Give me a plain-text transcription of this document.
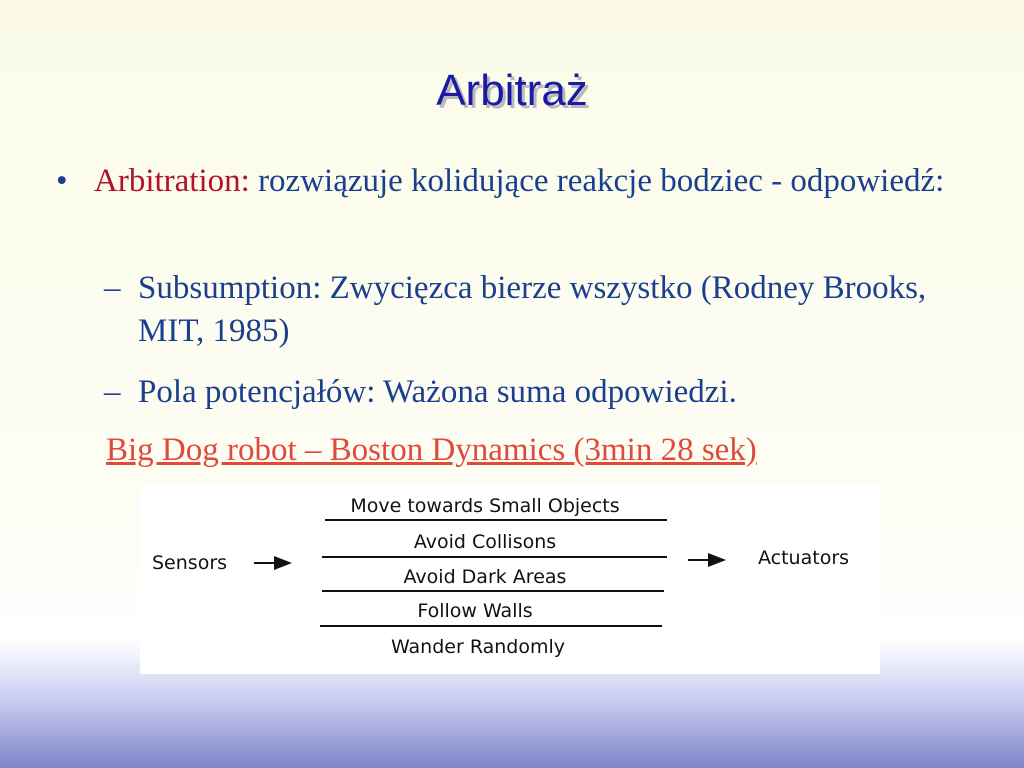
Arbitraż
• Arbitration: rozwiązuje kolidujące reakcje bodziec - odpowiedź:
– Subsumption: Zwycięzca bierze wszystko (Rodney Brooks, MIT, 1985)
– Pola potencjałów: Ważona suma odpowiedzi.
Big Dog robot – Boston Dynamics (3min 28 sek)
Sensors
Move towards Small Objects
Avoid Collisons
Avoid Dark Areas
Follow Walls
Wander Randomly
Actuators
